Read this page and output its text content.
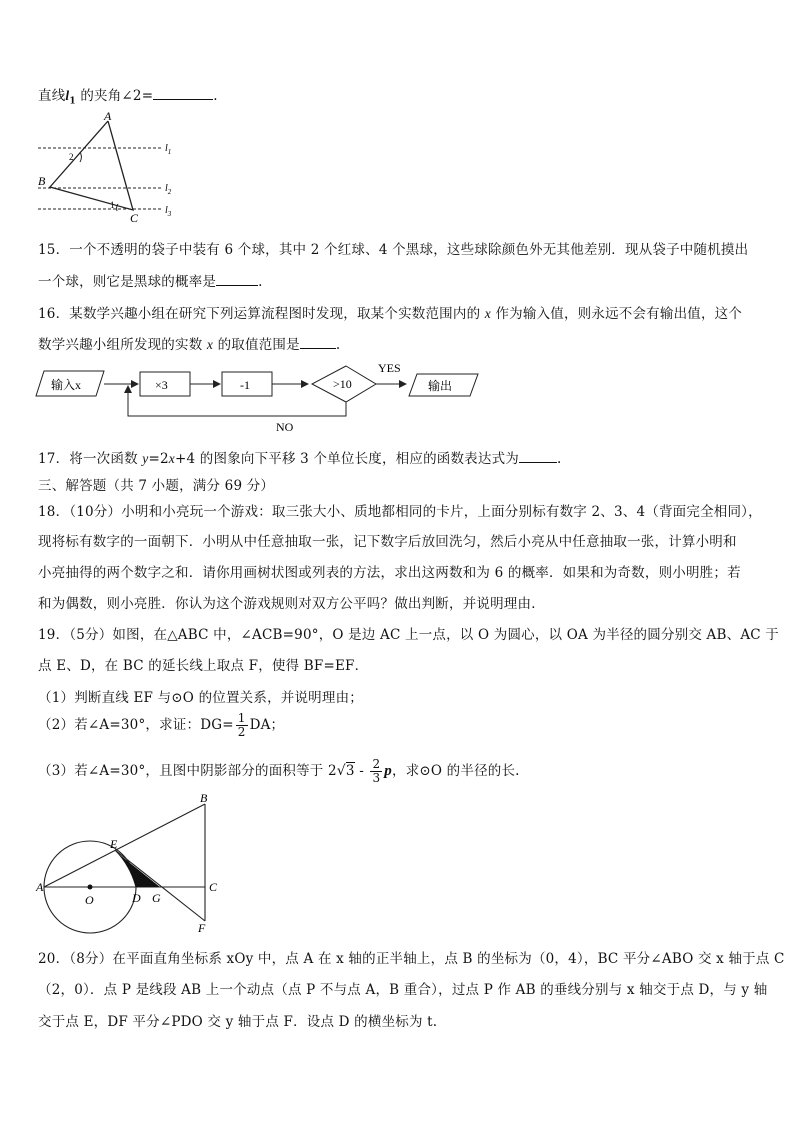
直线$l_1$ 的夹角∠2=	.
A
B
C
2
1
$l_1$
$l_2$
$l_3$
15．一个不透明的袋子中装有 6 个球，其中 2 个红球、4 个黑球，这些球除颜色外无其他差别．现从袋子中随机摸出
一个球，则它是黑球的概率是	.
16．某数学兴趣小组在研究下列运算流程图时发现，取某个实数范围内的 x 作为输入值，则永远不会有输出值，这个
数学兴趣小组所发现的实数 x 的取值范围是	.
输入x	×3	-1	>10
YES
输出
NO
17．将一次函数 y=2x+4 的图象向下平移 3 个单位长度，相应的函数表达式为	.
三、解答题（共 7 小题，满分 69 分）
18．（10分）小明和小亮玩一个游戏：取三张大小、质地都相同的卡片，上面分别标有数字 2、3、4（背面完全相同），
现将标有数字的一面朝下．小明从中任意抽取一张，记下数字后放回洗匀，然后小亮从中任意抽取一张，计算小明和
小亮抽得的两个数字之和．请你用画树状图或列表的方法，求出这两数和为 6 的概率．如果和为奇数，则小明胜；若
和为偶数，则小亮胜．你认为这个游戏规则对双方公平吗？做出判断，并说明理由．
19．（5分）如图，在△ABC 中，∠ACB=90°，O 是边 AC 上一点，以 O 为圆心，以 OA 为半径的圆分别交 AB、AC 于
点 E、D，在 BC 的延长线上取点 F，使得 BF=EF．
（1）判断直线 EF 与⊙O 的位置关系，并说明理由；
（2）若∠A=30°，求证：$DG= \frac{1}{2}$ DA；
（3）若∠A=30°，且图中阴影部分的面积等于 $2√3 - \frac{2}{3}$ p，求⊙O 的半径的长.
A
B
C
D
E
F
G
O
20．（8分）在平面直角坐标系 xOy 中，点 A 在 x 轴的正半轴上，点 B 的坐标为（0，4），BC 平分∠ABO 交 x 轴于点 C
（2，0）．点 P 是线段 AB 上一个动点（点 P 不与点 A，B 重合），过点 P 作 AB 的垂线分别与 x 轴交于点 D，与 y 轴
交于点 E，DF 平分∠PDO 交 y 轴于点 F．设点 D 的横坐标为 t.
